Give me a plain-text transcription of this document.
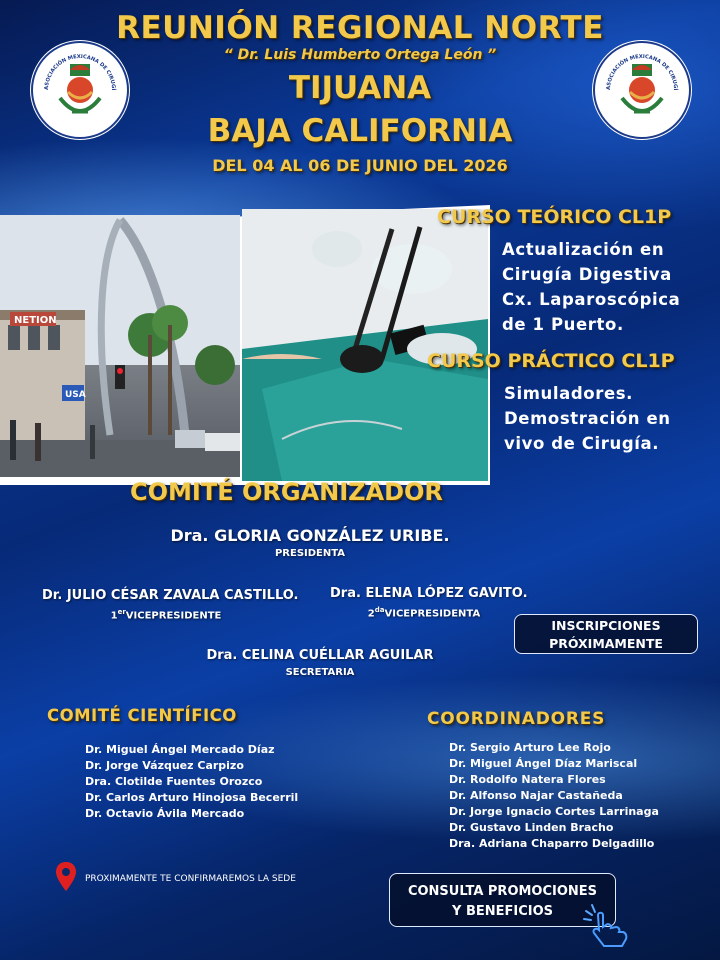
REUNIÓN REGIONAL NORTE
“ Dr. Luis Humberto Ortega León ”
TIJUANA
BAJA CALIFORNIA
DEL 04 AL 06 DE JUNIO DEL 2026
ASOCIACIÓN MEXICANA DE CIRUGÍ	ASOCIACIÓN MEXICANA DE CIRUGÍ
NETION
USA
CURSO TEÓRICO CL1P
Actualización en
Cirugía Digestiva
Cx. Laparoscópica
de 1 Puerto.
CURSO PRÁCTICO CL1P
Simuladores.
Demostración en
vivo de Cirugía.
COMITÉ ORGANIZADOR
Dra. GLORIA GONZÁLEZ URIBE.
PRESIDENTA
Dr. JULIO CÉSAR ZAVALA CASTILLO.
1erVICEPRESIDENTE
Dra. ELENA LÓPEZ GAVITO.
$2^{da}VICEPRESIDENTA$
Dra. CELINA CUÉLLAR AGUILAR
SECRETARIA
INSCRIPCIONES
PRÓXIMAMENTE
COMITÉ CIENTÍFICO
Dr. Miguel Ángel Mercado Díaz
Dr. Jorge Vázquez Carpizo
Dra. Clotilde Fuentes Orozco
Dr. Carlos Arturo Hinojosa Becerril
Dr. Octavio Ávila Mercado
COORDINADORES
Dr. Sergio Arturo Lee Rojo
Dr. Miguel Ángel Díaz Mariscal
Dr. Rodolfo Natera Flores
Dr. Alfonso Najar Castañeda
Dr. Jorge Ignacio Cortes Larrinaga
Dr. Gustavo Linden Bracho
Dra. Adriana Chaparro Delgadillo
PROXIMAMENTE TE CONFIRMAREMOS LA SEDE
CONSULTA PROMOCIONES
Y BENEFICIOS
